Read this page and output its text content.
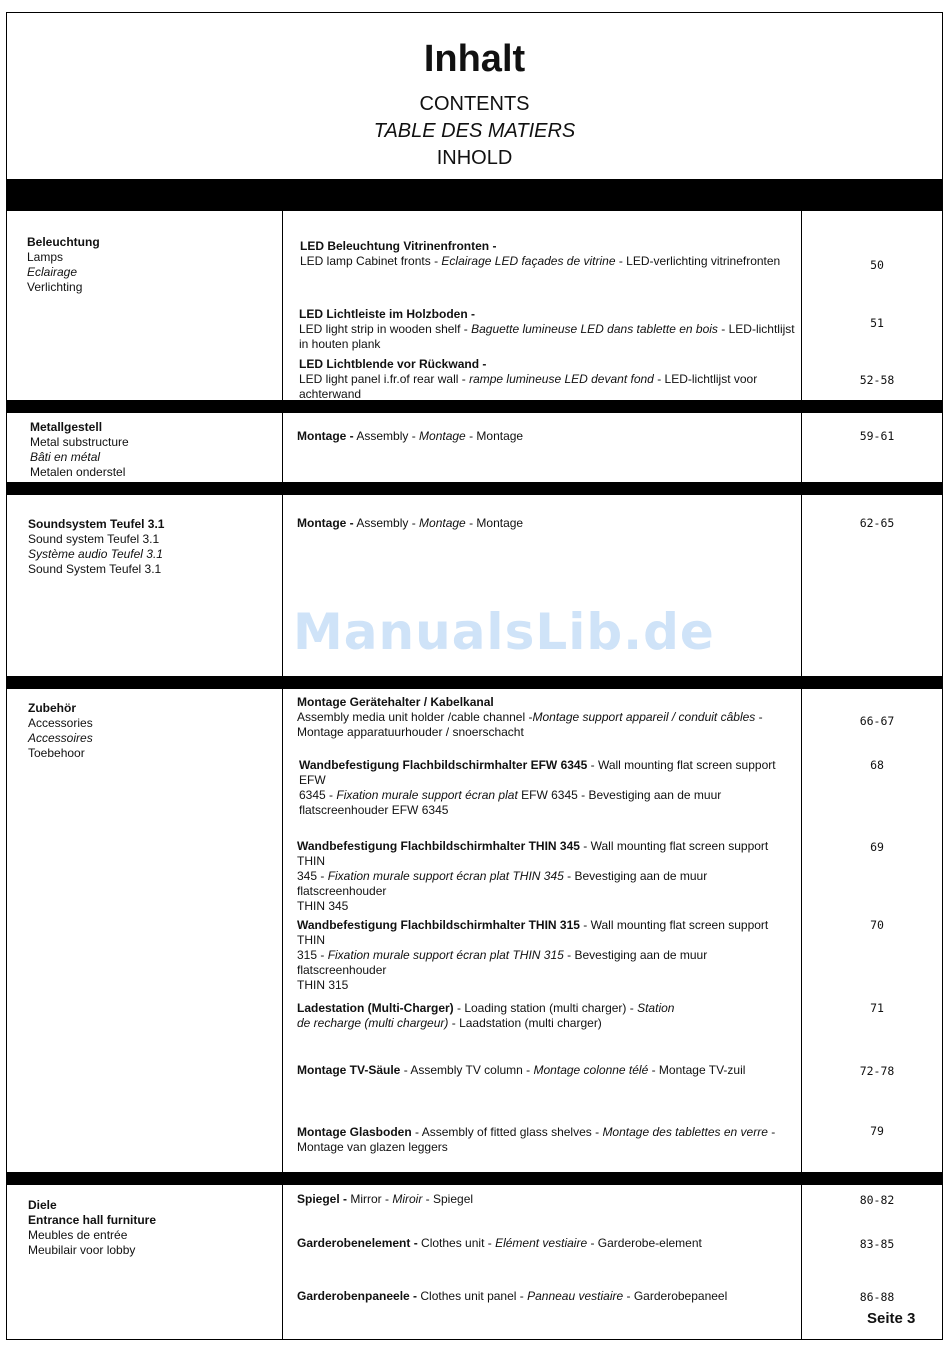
Inhalt
CONTENTS
TABLE DES MATIERS
INHOLD
Beleuchtung
Lamps
Eclairage
Verlichting
LED Beleuchtung Vitrinenfronten -
LED lamp Cabinet fronts - Eclairage LED façades de vitrine - LED-verlichting vitrinefronten	50
LED Lichtleiste im Holzboden -
LED light strip in wooden shelf - Baguette lumineuse LED dans tablette en bois - LED-lichtlijst
in houten plank
51
LED Lichtblende vor Rückwand -
LED light panel i.fr.of rear wall - rampe lumineuse LED devant fond - LED-lichtlijst voor achterwand
52-58
Metallgestell
Metal substructure
Bâti en métal
Metalen onderstel
Montage - Assembly - Montage - Montage	59-61
Soundsystem Teufel 3.1
Sound system Teufel 3.1
Système audio Teufel 3.1
Sound System Teufel 3.1
Montage - Assembly - Montage - Montage	62-65
Zubehör
Accessories
Accessoires
Toebehoor
Montage Gerätehalter / Kabelkanal
Assembly media unit holder /cable channel -Montage support appareil / conduit câbles -
Montage apparatuurhouder / snoerschacht
66-67
Wandbefestigung Flachbildschirmhalter EFW 6345 - Wall mounting flat screen support EFW
6345 - Fixation murale support écran plat EFW 6345 - Bevestiging aan de muur
flatscreenhouder EFW 6345
68
Wandbefestigung Flachbildschirmhalter THIN 345 - Wall mounting flat screen support THIN
345 - Fixation murale support écran plat THIN 345 - Bevestiging aan de muur flatscreenhouder
THIN 345
69
Wandbefestigung Flachbildschirmhalter THIN 315 - Wall mounting flat screen support THIN
315 - Fixation murale support écran plat THIN 315 - Bevestiging aan de muur flatscreenhouder
THIN 315
70
Ladestation (Multi-Charger) - Loading station (multi charger) - Station
de recharge (multi chargeur) - Laadstation (multi charger)
71
Montage TV-Säule - Assembly TV column - Montage colonne télé - Montage TV-zuil	72-78
Montage Glasboden - Assembly of fitted glass shelves - Montage des tablettes en verre -
Montage van glazen leggers
79
Diele
Entrance hall furniture
Meubles de entrée
Meubilair voor lobby
Spiegel - Mirror - Miroir - Spiegel	80-82
Garderobenelement - Clothes unit - Elément vestiaire - Garderobe-element	83-85
Garderobenpaneele - Clothes unit panel - Panneau vestiaire - Garderobepaneel	86-88
ManualsLib.de
Seite 3
